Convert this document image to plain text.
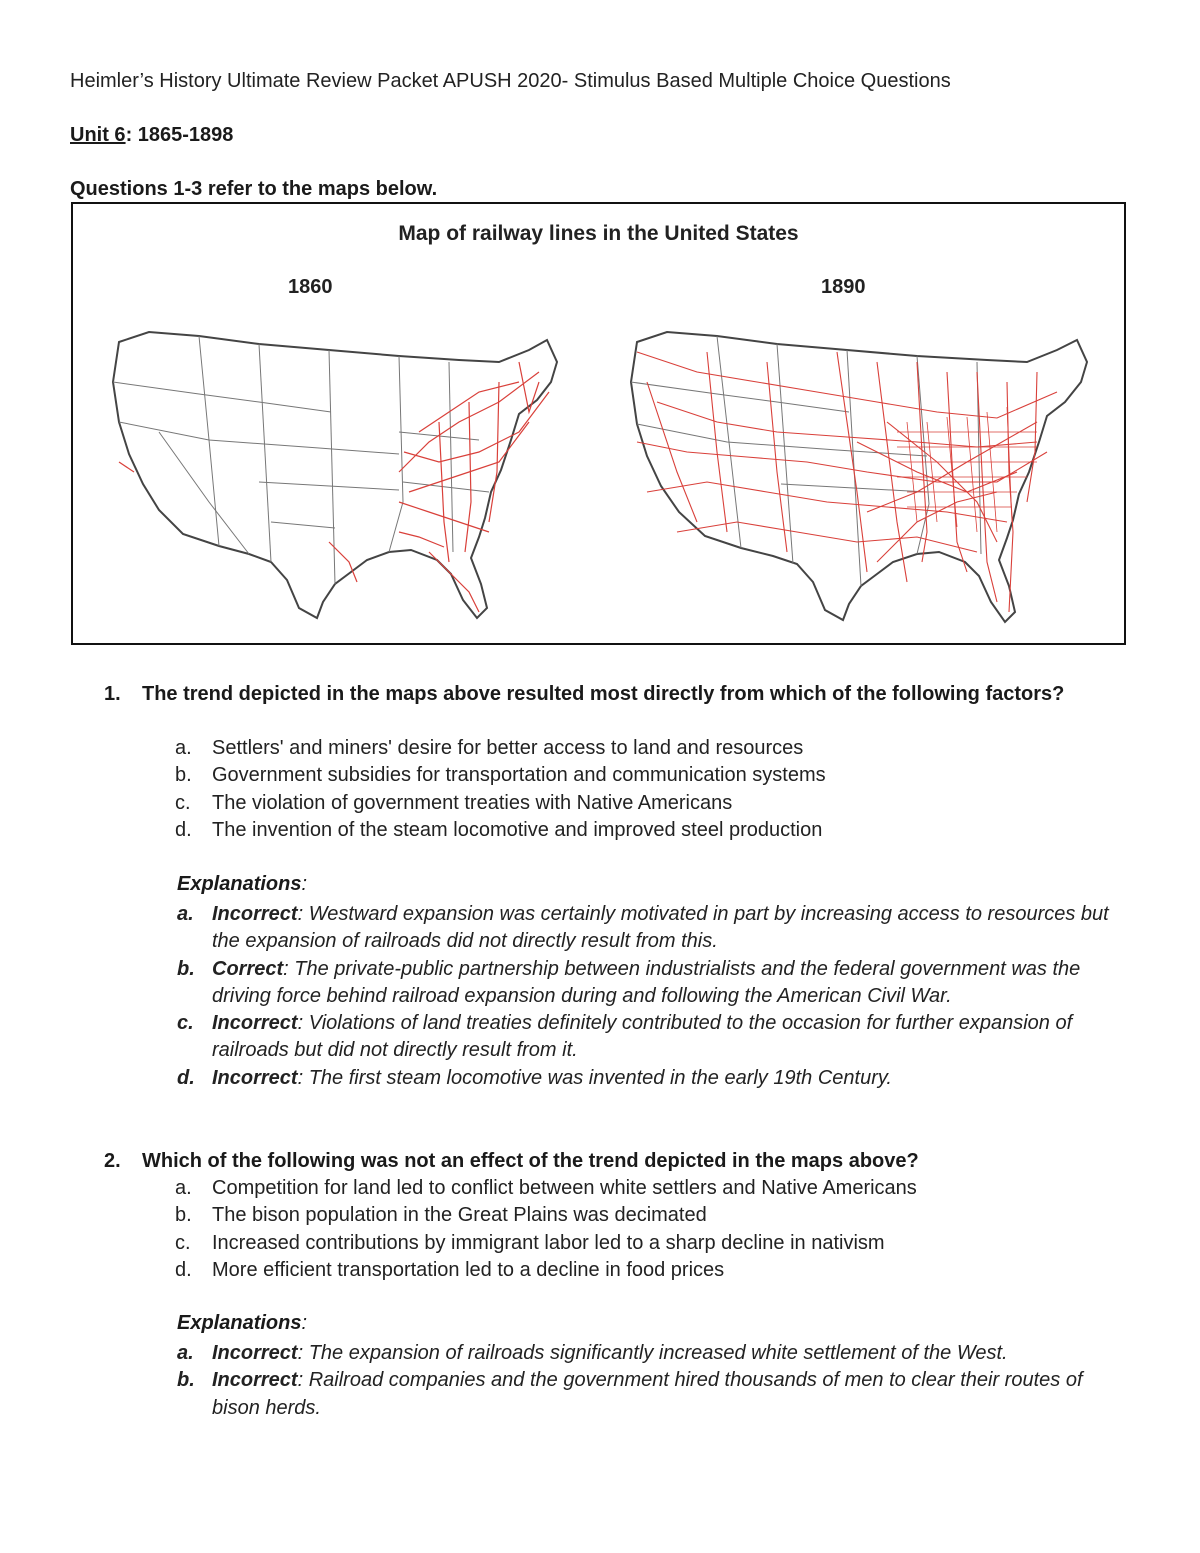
Heimler’s History Ultimate Review Packet APUSH 2020- Stimulus Based Multiple Choice Questions
Unit 6: 1865-1898
Questions 1-3 refer to the maps below.
Map of railway lines in the United States
1860	1890
1. The trend depicted in the maps above resulted most directly from which of the following factors?
a. Settlers' and miners' desire for better access to land and resources
b. Government subsidies for transportation and communication systems
c. The violation of government treaties with Native Americans
d. The invention of the steam locomotive and improved steel production
Explanations:
a. Incorrect: Westward expansion was certainly motivated in part by increasing access to resources but the expansion of railroads did not directly result from this.
b. Correct: The private-public partnership between industrialists and the federal government was the driving force behind railroad expansion during and following the American Civil War.
c. Incorrect: Violations of land treaties definitely contributed to the occasion for further expansion of railroads but did not directly result from it.
d. Incorrect: The first steam locomotive was invented in the early 19th Century.
2. Which of the following was not an effect of the trend depicted in the maps above?
a. Competition for land led to conflict between white settlers and Native Americans
b. The bison population in the Great Plains was decimated
c. Increased contributions by immigrant labor led to a sharp decline in nativism
d. More efficient transportation led to a decline in food prices
Explanations:
a. Incorrect: The expansion of railroads significantly increased white settlement of the West.
b. Incorrect: Railroad companies and the government hired thousands of men to clear their routes of bison herds.
